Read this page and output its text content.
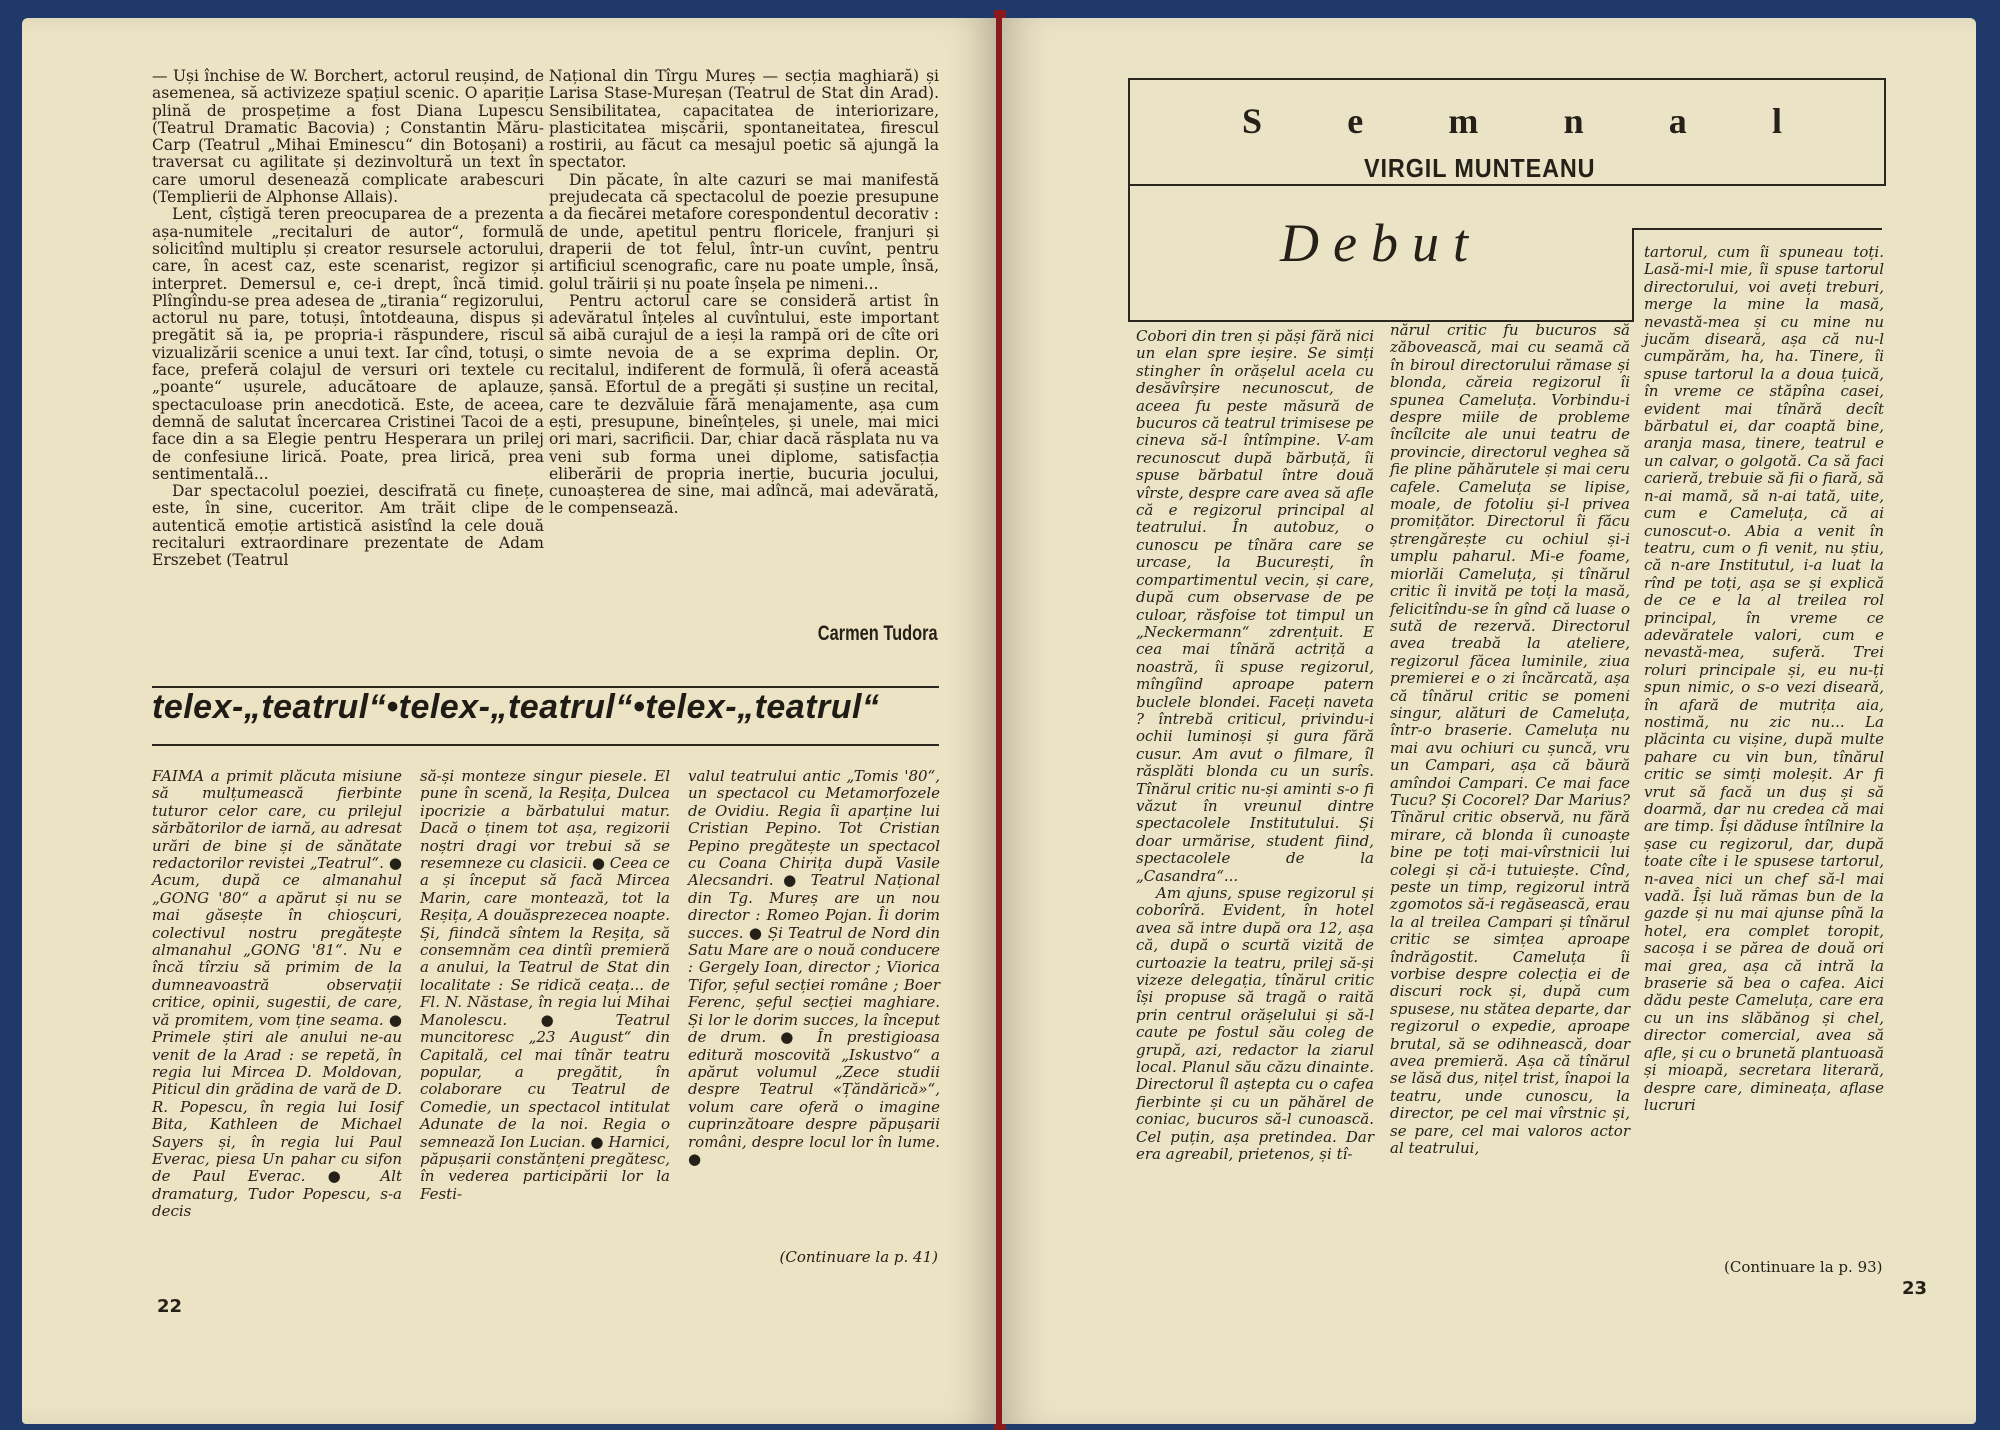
— Uși închise de W. Borchert, actorul reușind, de asemenea, să activizeze spațiul scenic. O apariție plină de prospețime a fost Diana Lupescu (Teatrul Dramatic Bacovia) ; Constantin Măru-Carp (Teatrul „Mihai Eminescu“ din Botoșani) a traversat cu agilitate și dezinvoltură un text în care umorul desenează complicate arabescuri (Templierii de Alphonse Allais).

Lent, cîștigă teren preocuparea de a prezenta așa-numitele „recitaluri de autor“, formulă solicitînd multiplu și creator resursele actorului, care, în acest caz, este scenarist, regizor și interpret. Demersul e, ce-i drept, încă timid. Plîngîndu-se prea adesea de „tirania“ regizorului, actorul nu pare, totuși, întotdeauna, dispus și pregătit să ia, pe propria-i răspundere, riscul vizualizării scenice a unui text. Iar cînd, totuși, o face, preferă colajul de versuri ori textele cu „poante“ ușurele, aducătoare de aplauze, spectaculoase prin anecdotică. Este, de aceea, demnă de salutat încercarea Cristinei Tacoi de a face din a sa Elegie pentru Hesperara un prilej de confesiune lirică. Poate, prea lirică, prea sentimentală...

Dar spectacolul poeziei, descifrată cu finețe, este, în sine, cuceritor. Am trăit clipe de autentică emoție artistică asistînd la cele două recitaluri extraordinare prezentate de Adam Erszebet (Teatrul

Național din Tîrgu Mureș — secția maghiară) și Larisa Stase-Mureșan (Teatrul de Stat din Arad). Sensibilitatea, capacitatea de interiorizare, plasticitatea mișcării, spontaneitatea, firescul rostirii, au făcut ca mesajul poetic să ajungă la spectator.

Din păcate, în alte cazuri se mai manifestă prejudecata că spectacolul de poezie presupune a da fiecărei metafore corespondentul decorativ : de unde, apetitul pentru floricele, franjuri și draperii de tot felul, într-un cuvînt, pentru artificiul scenografic, care nu poate umple, însă, golul trăirii și nu poate înșela pe nimeni...

Pentru actorul care se consideră artist în adevăratul înțeles al cuvîntului, este important să aibă curajul de a ieși la rampă ori de cîte ori simte nevoia de a se exprima deplin. Or, recitalul, indiferent de formulă, îi oferă această șansă. Efortul de a pregăti și susține un recital, care te dezvăluie fără menajamente, așa cum ești, presupune, bineînțeles, și unele, mai mici ori mari, sacrificii. Dar, chiar dacă răsplata nu va veni sub forma unei diplome, satisfacția eliberării de propria inerție, bucuria jocului, cunoașterea de sine, mai adîncă, mai adevărată, le compensează.

Carmen Tudora
telex-„teatrul“•telex-„teatrul“•telex-„teatrul“

FAIMA a primit plăcuta misiune să mulțumească fierbinte tuturor celor care, cu prilejul sărbătorilor de iarnă, au adresat urări de bine și de sănătate redactorilor revistei „Teatrul“. ● Acum, după ce almanahul „GONG '80“ a apărut și nu se mai găsește în chioșcuri, colectivul nostru pregătește almanahul „GONG '81“. Nu e încă tîrziu să primim de la dumneavoastră observații critice, opinii, sugestii, de care, vă promitem, vom ține seama. ● Primele știri ale anului ne-au venit de la Arad : se repetă, în regia lui Mircea D. Moldovan, Piticul din grădina de vară de D. R. Popescu, în regia lui Iosif Bita, Kathleen de Michael Sayers și, în regia lui Paul Everac, piesa Un pahar cu sifon de Paul Everac. ● Alt dramaturg, Tudor Popescu, s-a decis

să-și monteze singur piesele. El pune în scenă, la Reșița, Dulcea ipocrizie a bărbatului matur. Dacă o ținem tot așa, regizorii noștri dragi vor trebui să se resemneze cu clasicii. ● Ceea ce a și început să facă Mircea Marin, care montează, tot la Reșița, A douăsprezecea noapte. Și, fiindcă sîntem la Reșița, să consemnăm cea dintîi premieră a anului, la Teatrul de Stat din localitate : Se ridică ceața... de Fl. N. Năstase, în regia lui Mihai Manolescu. ● Teatrul muncitoresc „23 August“ din Capitală, cel mai tînăr teatru popular, a pregătit, în colaborare cu Teatrul de Comedie, un spectacol intitulat Adunate de la noi. Regia o semnează Ion Lucian. ● Harnici, păpușarii constănțeni pregătesc, în vederea participării lor la Festi-

valul teatrului antic „Tomis '80“, un spectacol cu Metamorfozele de Ovidiu. Regia îi aparține lui Cristian Pepino. Tot Cristian Pepino pregătește un spectacol cu Coana Chirița după Vasile Alecsandri. ● Teatrul Național din Tg. Mureș are un nou director : Romeo Pojan. Îi dorim succes. ● Și Teatrul de Nord din Satu Mare are o nouă conducere : Gergely Ioan, director ; Viorica Tifor, șeful secției române ; Boer Ferenc, șeful secției maghiare. Și lor le dorim succes, la început de drum. ● În prestigioasa editură moscovită „Iskustvo“ a apărut volumul „Zece studii despre Teatrul «Țăndărică»“, volum care oferă o imagine cuprinzătoare despre păpușarii români, despre locul lor în lume. ●

(Continuare la p. 41)
22
S e m n a l
VIRGIL MUNTEANU
Debut

Cobori din tren și păși fără nici un elan spre ieșire. Se simți stingher în orășelul acela cu desăvîrșire necunoscut, de aceea fu peste măsură de bucuros că teatrul trimisese pe cineva să-l întîmpine. V-am recunoscut după bărbuță, îi spuse bărbatul între două vîrste, despre care avea să afle că e regizorul principal al teatrului. În autobuz, o cunoscu pe tînăra care se urcase, la București, în compartimentul vecin, și care, după cum observase de pe culoar, răsfoise tot timpul un „Neckermann“ zdrențuit. E cea mai tînără actriță a noastră, îi spuse regizorul, mîngîind aproape patern buclele blondei. Faceți naveta ? întrebă criticul, privindu-i ochii luminoși și gura fără cusur. Am avut o filmare, îl răsplăti blonda cu un surîs. Tînărul critic nu-și aminti s-o fi văzut în vreunul dintre spectacolele Institutului. Și doar urmărise, student fiind, spectacolele de la „Casandra“...

Am ajuns, spuse regizorul și coborîră. Evident, în hotel avea să intre după ora 12, așa că, după o scurtă vizită de curtoazie la teatru, prilej să-și vizeze delegația, tînărul critic își propuse să tragă o raită prin centrul orășelului și să-l caute pe fostul său coleg de grupă, azi, redactor la ziarul local. Planul său căzu dinainte. Directorul îl aștepta cu o cafea fierbinte și cu un păhărel de coniac, bucuros să-l cunoască. Cel puțin, așa pretindea. Dar era agreabil, prietenos, și tî-

nărul critic fu bucuros să zăbovească, mai cu seamă că în biroul directorului rămase și blonda, căreia regizorul îi spunea Cameluța. Vorbindu-i despre miile de probleme încîlcite ale unui teatru de provincie, directorul veghea să fie pline păhărutele și mai ceru cafele. Cameluța se lipise, moale, de fotoliu și-l privea promițător. Directorul îi făcu ștrengărește cu ochiul și-i umplu paharul. Mi-e foame, miorlăi Cameluța, și tînărul critic îi invită pe toți la masă, felicitîndu-se în gînd că luase o sută de rezervă. Directorul avea treabă la ateliere, regizorul făcea luminile, ziua premierei e o zi încărcată, așa că tînărul critic se pomeni singur, alături de Cameluța, într-o braserie. Cameluța nu mai avu ochiuri cu șuncă, vru un Campari, așa că băură amîndoi Campari. Ce mai face Tucu? Și Cocorel? Dar Marius? Tînărul critic observă, nu fără mirare, că blonda îi cunoaște bine pe toți mai-vîrstnicii lui colegi și că-i tutuiește. Cînd, peste un timp, regizorul intră zgomotos să-i regăsească, erau la al treilea Campari și tînărul critic se simțea aproape îndrăgostit. Cameluța îi vorbise despre colecția ei de discuri rock și, după cum spusese, nu stătea departe, dar regizorul o expedie, aproape brutal, să se odihnească, doar avea premieră. Așa că tînărul se lăsă dus, nițel trist, înapoi la teatru, unde cunoscu, la director, pe cel mai vîrstnic și, se pare, cel mai valoros actor al teatrului,

tartorul, cum îi spuneau toți. Lasă-mi-l mie, îi spuse tartorul directorului, voi aveți treburi, merge la mine la masă, nevastă-mea și cu mine nu jucăm diseară, așa că nu-l cumpărăm, ha, ha. Tinere, îi spuse tartorul la a doua țuică, în vreme ce stăpîna casei, evident mai tînără decît bărbatul ei, dar coaptă bine, aranja masa, tinere, teatrul e un calvar, o golgotă. Ca să faci carieră, trebuie să fii o fiară, să n-ai mamă, să n-ai tată, uite, cum e Cameluța, că ai cunoscut-o. Abia a venit în teatru, cum o fi venit, nu știu, că n-are Institutul, i-a luat la rînd pe toți, așa se și explică de ce e la al treilea rol principal, în vreme ce adevăratele valori, cum e nevastă-mea, suferă. Trei roluri principale și, eu nu-ți spun nimic, o s-o vezi diseară, în afară de mutrița aia, nostimă, nu zic nu... La plăcinta cu vișine, după multe pahare cu vin bun, tînărul critic se simți moleșit. Ar fi vrut să facă un duș și să doarmă, dar nu credea că mai are timp. Își dăduse întîlnire la șase cu regizorul, dar, după toate cîte i le spusese tartorul, n-avea nici un chef să-l mai vadă. Își luă rămas bun de la gazde și nu mai ajunse pînă la hotel, era complet toropit, sacoșa i se părea de două ori mai grea, așa că intră la braserie să bea o cafea. Aici dădu peste Cameluța, care era cu un ins slăbănog și chel, director comercial, avea să afle, și cu o brunetă plantuoasă și mioapă, secretara literară, despre care, dimineața, aflase lucruri

(Continuare la p. 93)
23
